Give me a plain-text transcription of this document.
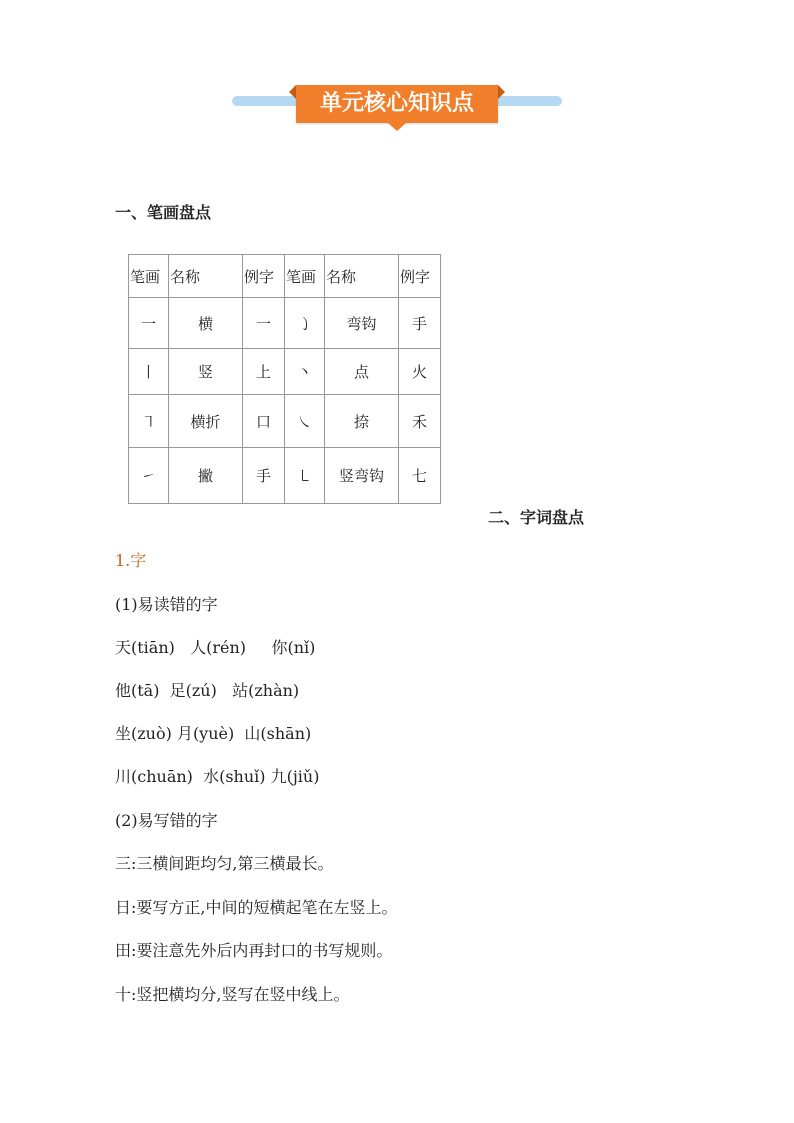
单元核心知识点
一、笔画盘点
笔画	名称	例字	笔画	名称	例字
一	横	一	㇁	弯钩	手
丨	竖	上	丶	点	火
㇕	横折	口	㇏	捺	禾
㇀	撇	手	㇄	竖弯钩	七
二、字词盘点
1.字
(1)易读错的字
天(tiān)   人(rén)     你(nǐ)
他(tā)  足(zú)   站(zhàn)
坐(zuò) 月(yuè)  山(shān)
川(chuān)  水(shuǐ) 九(jiǔ)
(2)易写错的字
三:三横间距均匀,第三横最长。
日:要写方正,中间的短横起笔在左竖上。
田:要注意先外后内再封口的书写规则。
十:竖把横均分,竖写在竖中线上。
